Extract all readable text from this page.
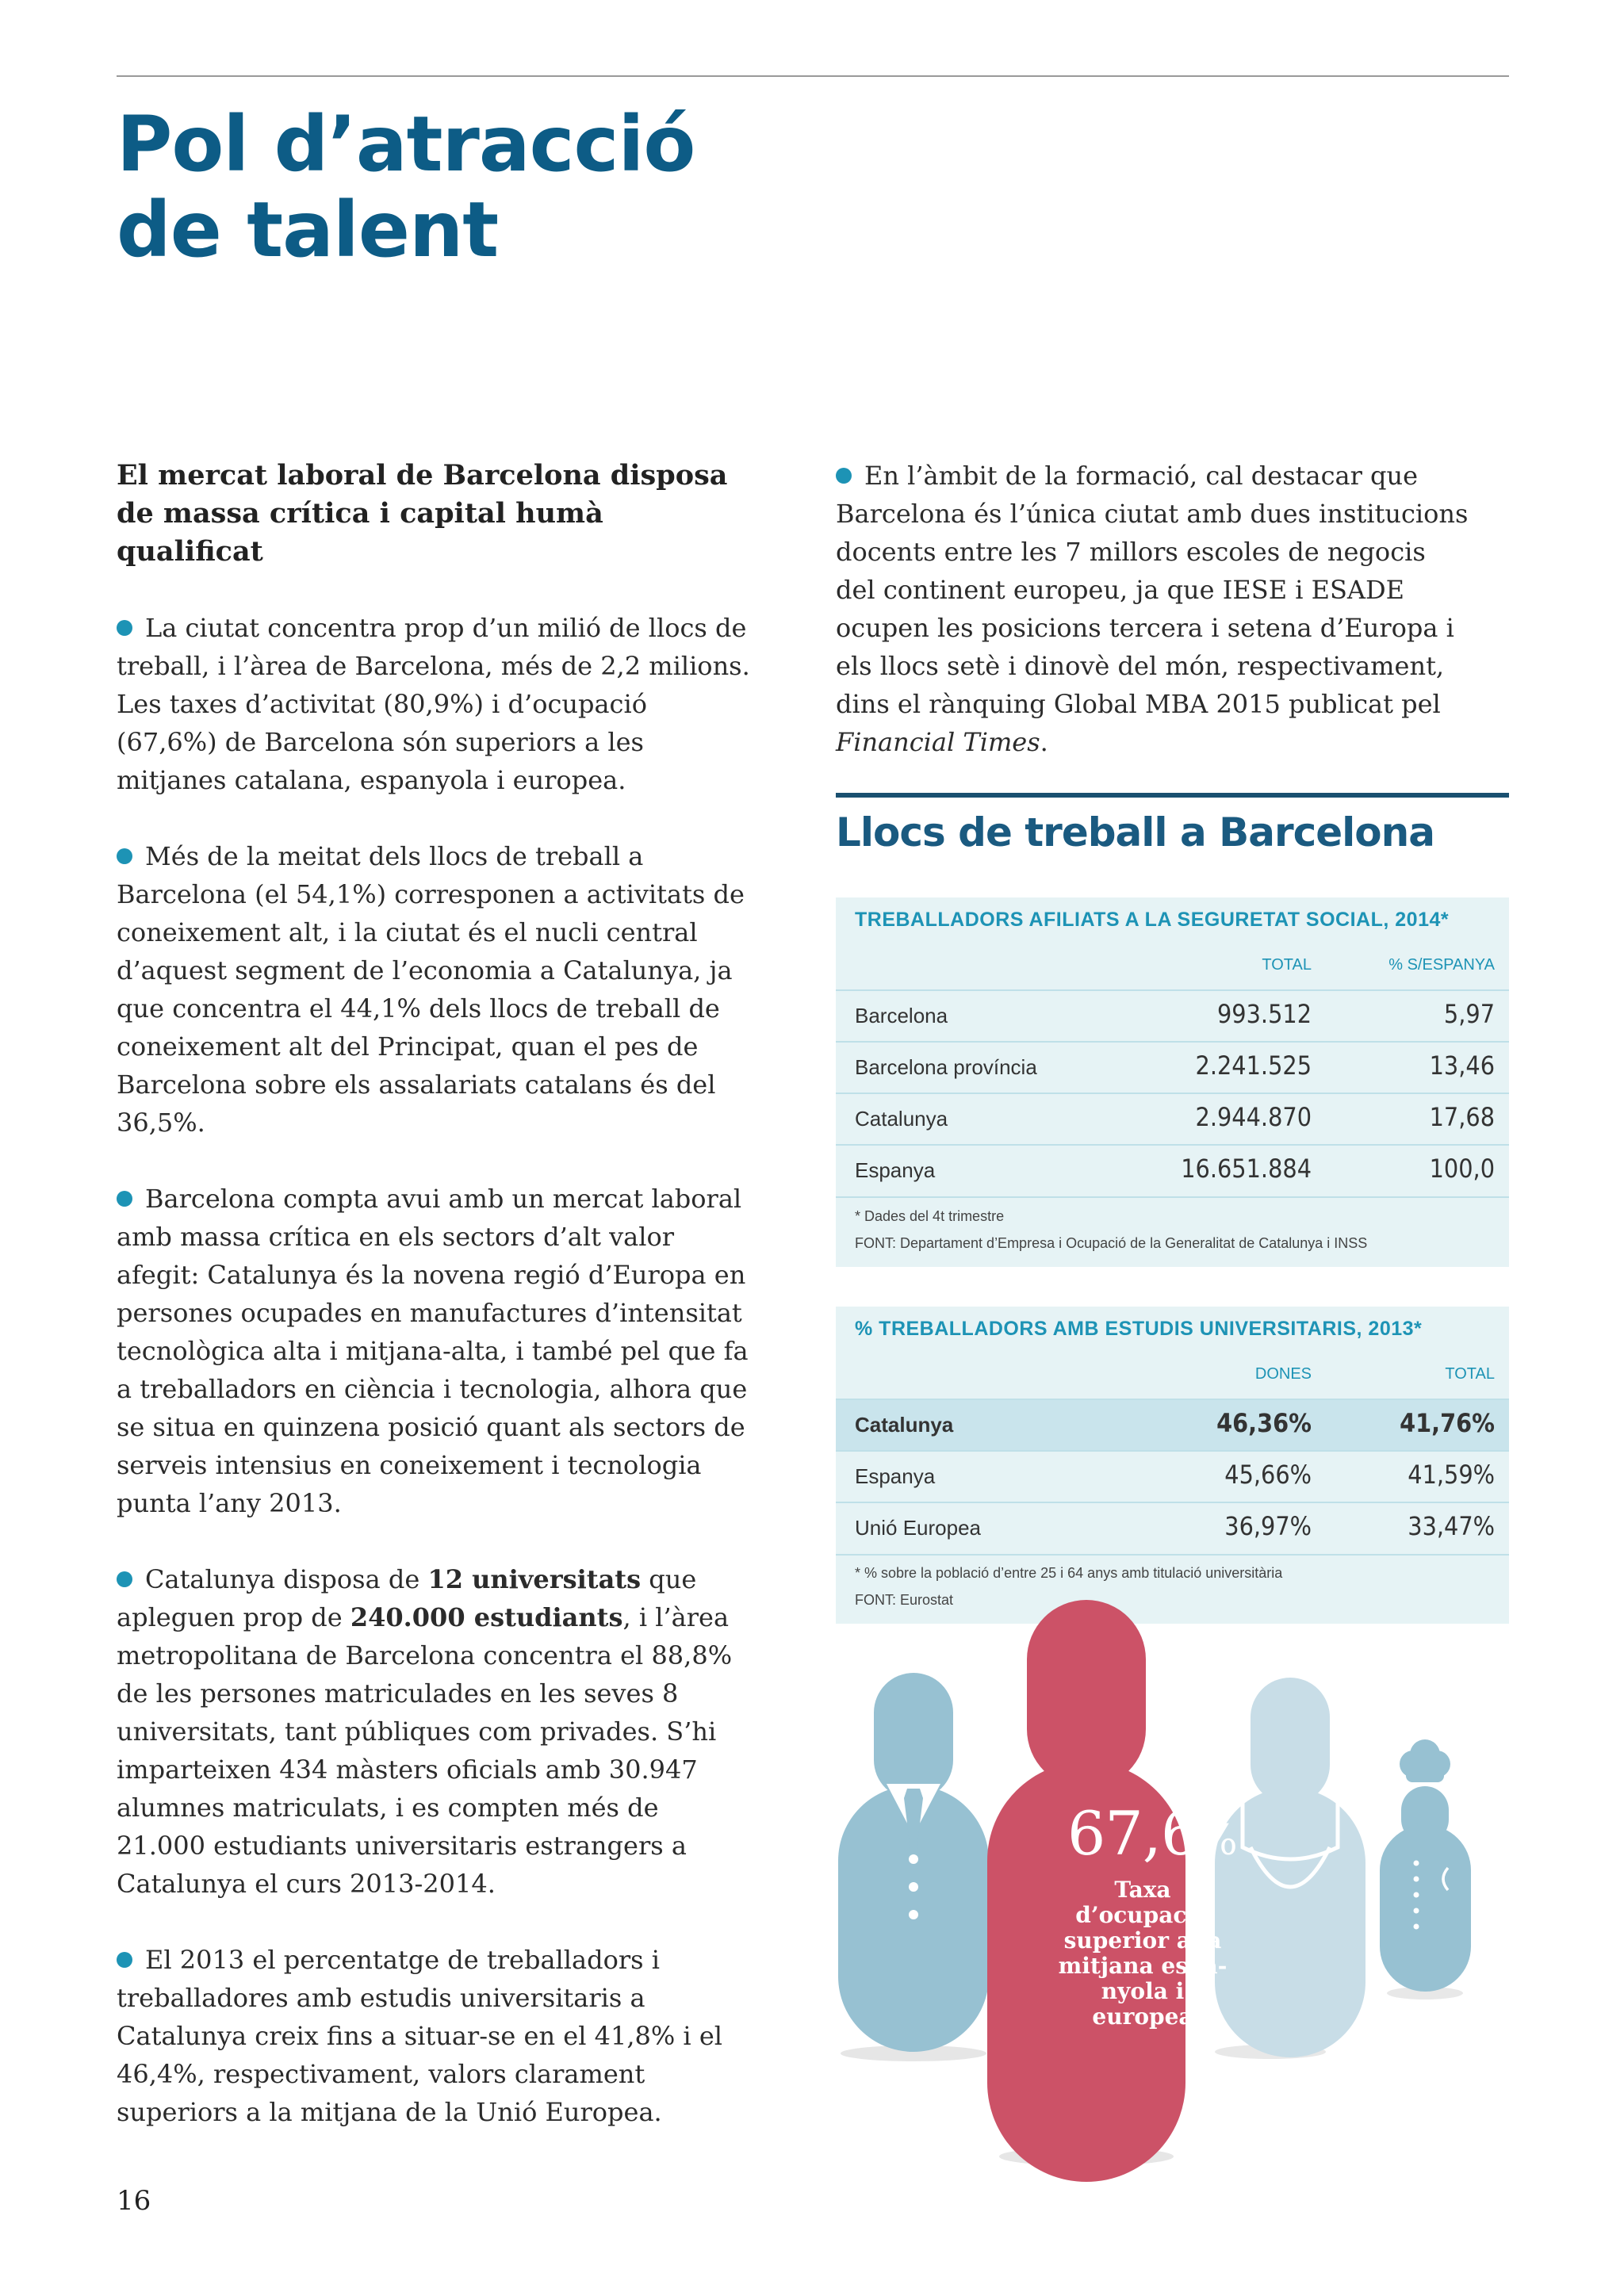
Pol d’atracció
de talent

El mercat laboral de Barcelona disposa de massa crítica i capital humà qualificat

La ciutat concentra prop d’un milió de llocs de treball, i l’àrea de Barcelona, més de 2,2 milions. Les taxes d’activitat (80,9%) i d’ocupació (67,6%) de Barcelona són superiors a les mitjanes catalana, espanyola i europea.

Més de la meitat dels llocs de treball a Barcelona (el 54,1%) corresponen a activitats de coneixement alt, i la ciutat és el nucli central d’aquest segment de l’economia a Catalunya, ja que concentra el 44,1% dels llocs de treball de coneixement alt del Principat, quan el pes de Barcelona sobre els assalariats catalans és del 36,5%.

Barcelona compta avui amb un mercat laboral amb massa crítica en els sectors d’alt valor afegit: Catalunya és la novena regió d’Europa en persones ocupades en manufactures d’intensitat tecnològica alta i mitjana-alta, i també pel que fa a treballadors en ciència i tecnologia, alhora que se situa en quinzena posició quant als sectors de serveis intensius en coneixement i tecnologia punta l’any 2013.

Catalunya disposa de 12 universitats que apleguen prop de 240.000 estudiants, i l’àrea metropolitana de Barcelona concentra el 88,8% de les persones matriculades en les seves 8 universitats, tant públiques com privades. S’hi imparteixen 434 màsters oficials amb 30.947 alumnes matriculats, i es compten més de 21.000 estudiants universitaris estrangers a Catalunya el curs 2013-2014.

El 2013 el percentatge de treballadors i treballadores amb estudis universitaris a Catalunya creix fins a situar-se en el 41,8% i el 46,4%, respectivament, valors clarament superiors a la mitjana de la Unió Europea.

En l’àmbit de la formació, cal destacar que Barcelona és l’única ciutat amb dues institucions docents entre les 7 millors escoles de negocis del continent europeu, ja que IESE i ESADE ocupen les posicions tercera i setena d’Europa i els llocs setè i dinovè del món, respectivament, dins el rànquing Global MBA 2015 publicat pel Financial Times.

Llocs de treball a Barcelona
TREBALLADORS AFILIATS A LA SEGURETAT SOCIAL, 2014*
TOTAL	% S/ESPANYA
Barcelona	993.512	5,97
Barcelona província	2.241.525	13,46
Catalunya	2.944.870	17,68
Espanya	16.651.884	100,0
* Dades del 4t trimestre
FONT: Departament d’Empresa i Ocupació de la Generalitat de Catalunya i INSS
% TREBALLADORS AMB ESTUDIS UNIVERSITARIS, 2013*
DONES	TOTAL
Catalunya	46,36%	41,76%
Espanya	45,66%	41,59%
Unió Europea	36,97%	33,47%
* % sobre la població d’entre 25 i 64 anys amb titulació universitària
FONT: Eurostat
67,6%
Taxa d’ocupació superior a la mitjana espa-nyola i europea
16
